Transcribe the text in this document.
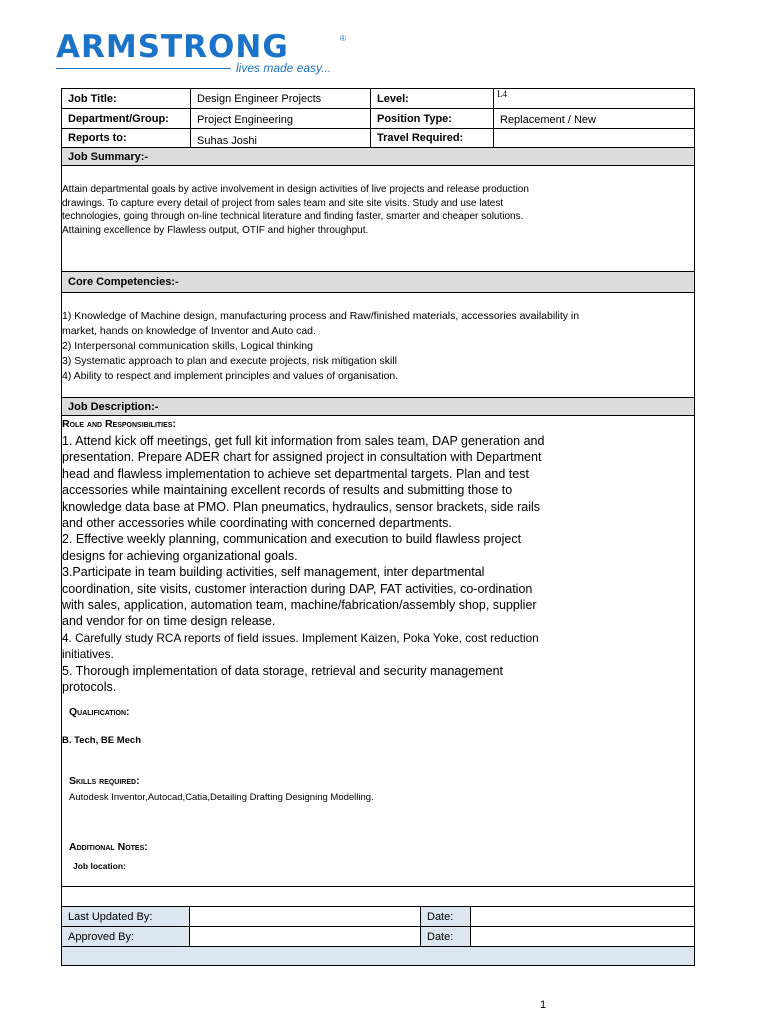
ARMSTRONG	®
lives made easy...
Job Title:	Design Engineer Projects	Level:	L4
Department/Group:	Project Engineering	Position Type:	Replacement / New
Reports to:	Suhas Joshi	Travel Required:
Job Summary:-
Attain departmental goals by active involvement in design activities of live projects and release production
drawings. To capture every detail of project from sales team and site site visits. Study and use latest
technologies, going through on-line technical literature and finding faster, smarter and cheaper solutions.
Attaining excellence by Flawless output, OTIF and higher throughput.
Core Competencies:-
1) Knowledge of Machine design, manufacturing process and Raw/finished materials, accessories availability in
market, hands on knowledge of Inventor and Auto cad.
2) Interpersonal communication skills, Logical thinking
3) Systematic approach to plan and execute projects, risk mitigation skill
4) Ability to respect and implement principles and values of organisation.
Job Description:-
Role and Responsibilities:
1. Attend kick off meetings, get full kit information from sales team, DAP generation and
presentation. Prepare ADER chart for assigned project in consultation with Department
head and flawless implementation to achieve set departmental targets. Plan and test
accessories while maintaining excellent records of results and submitting those to
knowledge data base at PMO. Plan pneumatics, hydraulics, sensor brackets, side rails
and other accessories while coordinating with concerned departments.
2. Effective weekly planning, communication and execution to build flawless project
designs for achieving organizational goals.
3.Participate in team building activities, self management, inter departmental
coordination, site visits, customer interaction during DAP, FAT activities, co-ordination
with sales, application, automation team, machine/fabrication/assembly shop, supplier
and vendor for on time design release.
4. Carefully study RCA reports of field issues. Implement Kaizen, Poka Yoke, cost reduction
initiatives.
5. Thorough implementation of data storage, retrieval and security management
protocols.
Qualification:
B. Tech, BE Mech
Skills required:
Autodesk Inventor,Autocad,Catia,Detailing Drafting Designing Modelling.
Additional Notes:
Job location:
Last Updated By:	Date:
Approved By:	Date:
1
